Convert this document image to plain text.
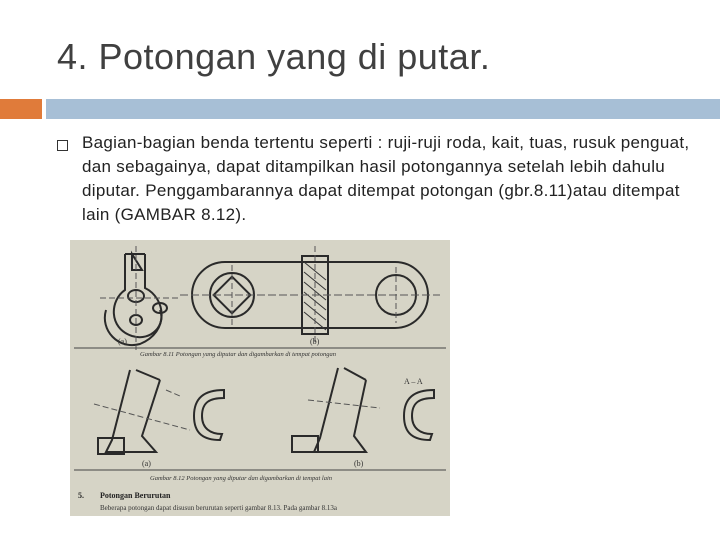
4. Potongan yang di putar.
Bagian-bagian benda tertentu seperti : ruji-ruji roda, kait, tuas, rusuk penguat, dan sebagainya, dapat ditampilkan hasil potongannya setelah lebih dahulu diputar. Penggambarannya dapat ditempat potongan (gbr.8.11)atau ditempat lain (GAMBAR 8.12).
(a)	(b)
Gambar 8.11 Potongan yang diputar dan digambarkan di tempat potongan
(a)
A – A
(b)
Gambar 8.12 Potongan yang diputar dan digambarkan di tempat lain
5. Potongan Berurutan
Beberapa potongan dapat disusun berurutan seperti gambar 8.13. Pada gambar 8.13a
